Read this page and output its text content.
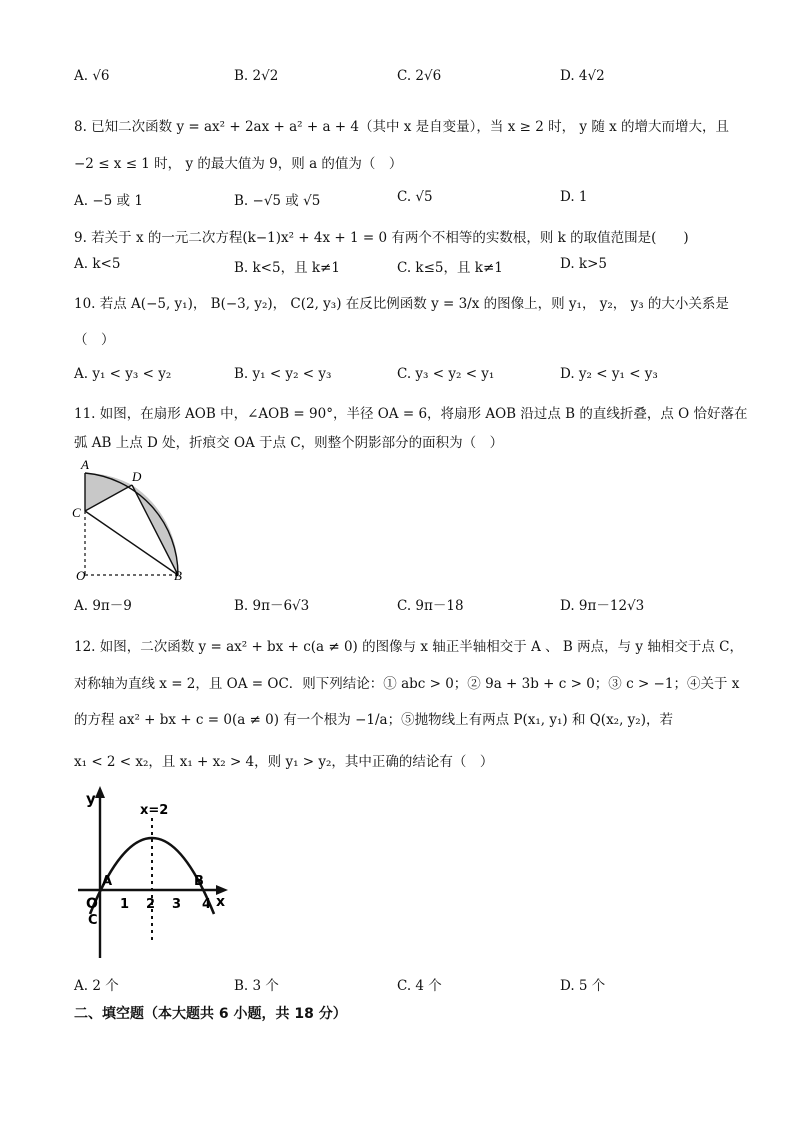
A. √6	B. 2√2	C. 2√6	D. 4√2
8. 已知二次函数 y = ax² + 2ax + a² + a + 4（其中 x 是自变量），当 x ≥ 2 时， y 随 x 的增大而增大，且
−2 ≤ x ≤ 1 时， y 的最大值为 9，则 a 的值为（　）
A. −5 或 1	B. −√5 或 √5	C. √5	D. 1
9. 若关于 x 的一元二次方程(k−1)x² + 4x + 1 = 0 有两个不相等的实数根，则 k 的取值范围是(　　)
A. k<5	B. k<5，且 k≠1	C. k≤5，且 k≠1	D. k>5
10. 若点 A(−5, y₁)， B(−3, y₂)， C(2, y₃) 在反比例函数 y = 3/x 的图像上，则 y₁， y₂， y₃ 的大小关系是
（　）
A. y₁ < y₃ < y₂	B. y₁ < y₂ < y₃	C. y₃ < y₂ < y₁	D. y₂ < y₁ < y₃
11. 如图，在扇形 AOB 中，∠AOB = 90°，半径 OA = 6，将扇形 AOB 沿过点 B 的直线折叠，点 O 恰好落在
弧 AB 上点 D 处，折痕交 OA 于点 C，则整个阴影部分的面积为（　）
A
D
C
O	B
A. 9π－9	B. 9π－6√3	C. 9π－18	D. 9π－12√3
12. 如图，二次函数 y = ax² + bx + c(a ≠ 0) 的图像与 x 轴正半轴相交于 A 、 B 两点，与 y 轴相交于点 C，
对称轴为直线 x = 2，且 OA = OC．则下列结论：① abc > 0；② 9a + 3b + c > 0；③ c > −1；④关于 x
的方程 ax² + bx + c = 0(a ≠ 0) 有一个根为 −1/a；⑤抛物线上有两点 P(x₁, y₁) 和 Q(x₂, y₂)，若
x₁ < 2 < x₂，且 x₁ + x₂ > 4，则 y₁ > y₂，其中正确的结论有（　）
y
x=2
A	B
x
O 1 2 3 4
C
A. 2 个	B. 3 个	C. 4 个	D. 5 个
二、填空题（本大题共 6 小题，共 18 分）
